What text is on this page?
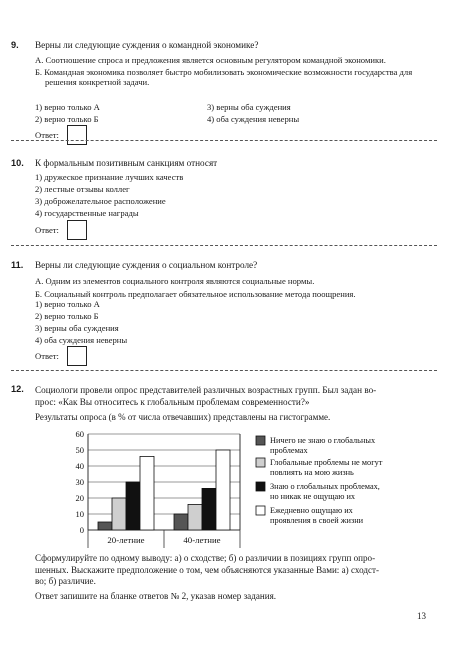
9. Верны ли следующие суждения о командной экономике?
А. Соотношение спроса и предложения является основным регулятором командной экономики.
Б. Командная экономика позволяет быстро мобилизовать экономические возможности государства для решения конкретной задачи.
1) верно только А
2) верно только Б
3) верны оба суждения
4) оба суждения неверны
Ответ:
10. К формальным позитивным санкциям относят
1) дружеское признание лучших качеств
2) лестные отзывы коллег
3) доброжелательное расположение
4) государственные награды
Ответ:
11. Верны ли следующие суждения о социальном контроле?
А. Одним из элементов социального контроля являются социальные нормы.
Б. Социальный контроль предполагает обязательное использование метода поощрения.
1) верно только А
2) верно только Б
3) верны оба суждения
4) оба суждения неверны
Ответ:
12. Социологи провели опрос представителей различных возрастных групп. Был задан во-
прос: «Как Вы относитесь к глобальным проблемам современности?»
Результаты опроса (в % от числа отвечавших) представлены на гистограмме.
0
10
20
30
40
50
60
20-летние	40-летние
Ничего не знаю о глобальных
проблемах
Глобальные проблемы не могут
повлиять на мою жизнь
Знаю о глобальных проблемах,
но никак не ощущаю их
Ежедневно ощущаю их
проявления в своей жизни
Сформулируйте по одному выводу: а) о сходстве; б) о различии в позициях групп опро-
шенных. Выскажите предположение о том, чем объясняются указанные Вами: а) сходст-
во; б) различие.
Ответ запишите на бланке ответов № 2, указав номер задания.
13
